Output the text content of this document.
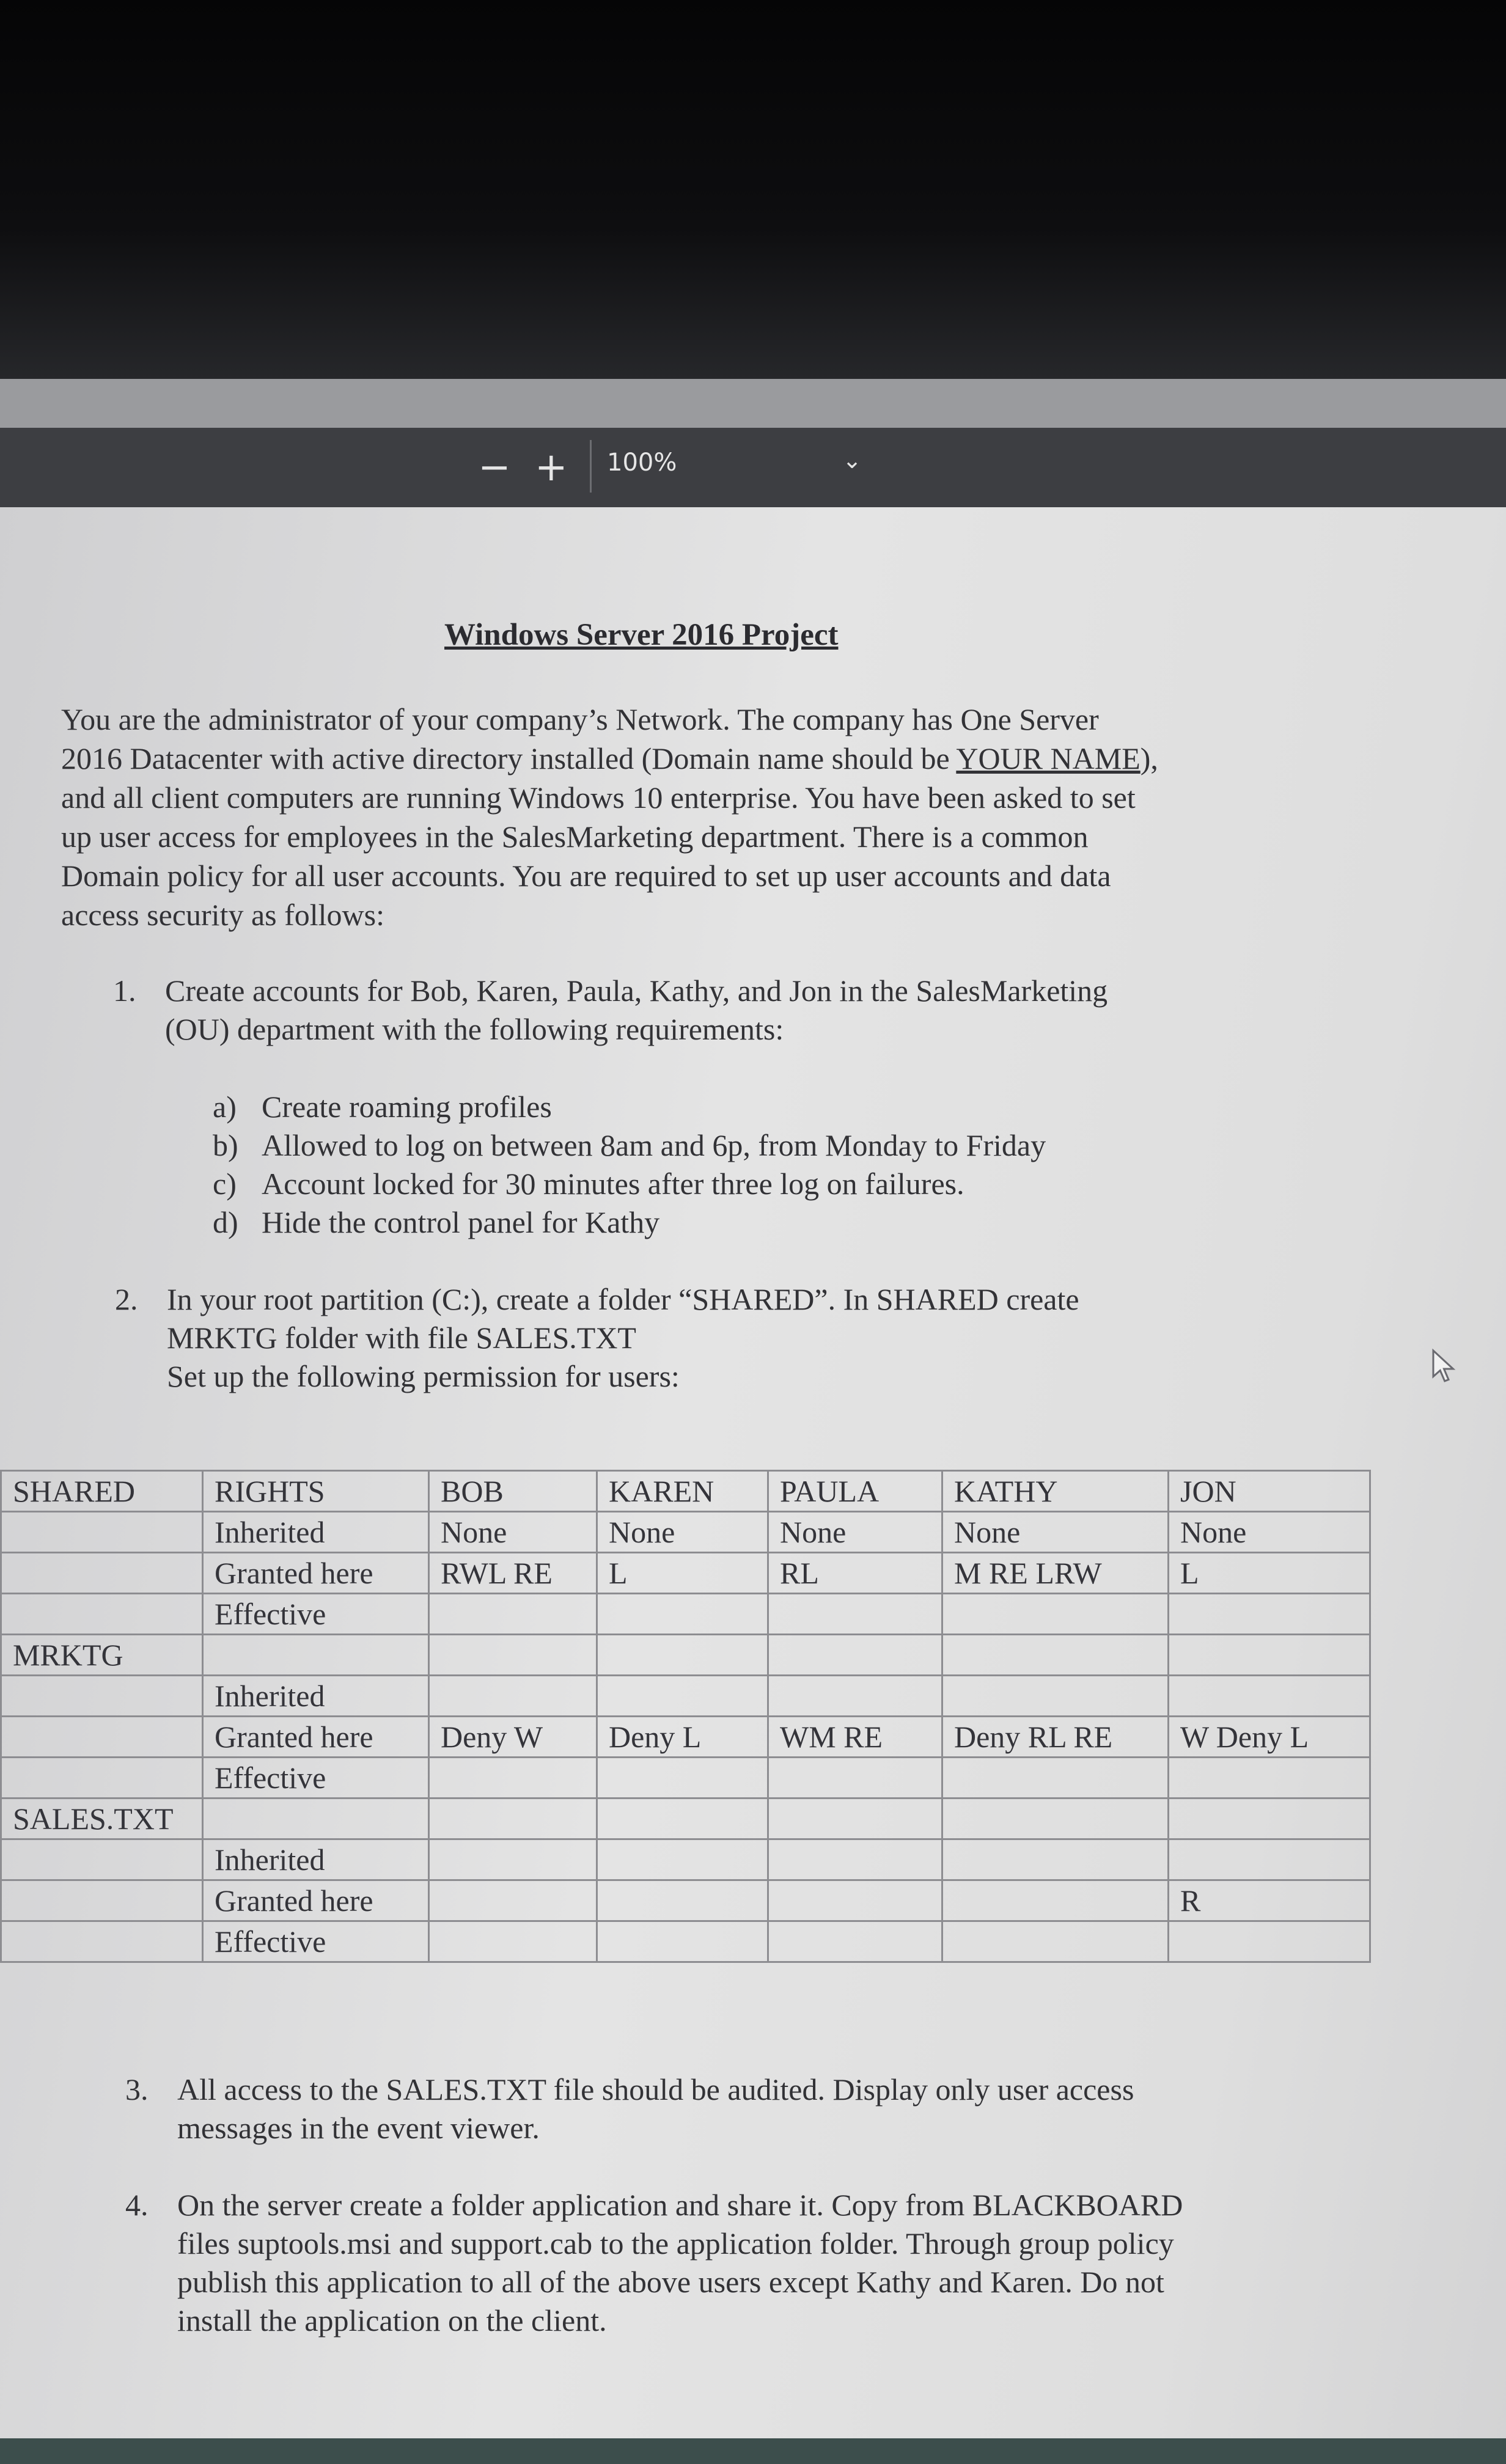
− + 100%	⌄
Windows Server 2016 Project
You are the administrator of your company’s Network. The company has One Server
2016 Datacenter with active directory installed (Domain name should be YOUR NAME),
and all client computers are running Windows 10 enterprise. You have been asked to set
up user access for employees in the SalesMarketing department. There is a common
Domain policy for all user accounts. You are required to set up user accounts and data
access security as follows:
1. Create accounts for Bob, Karen, Paula, Kathy, and Jon in the SalesMarketing
(OU) department with the following requirements:
a) Create roaming profiles
b) Allowed to log on between 8am and 6p, from Monday to Friday
c) Account locked for 30 minutes after three log on failures.
d) Hide the control panel for Kathy
2. In your root partition (C:), create a folder “SHARED”. In SHARED create
MRKTG folder with file SALES.TXT
Set up the following permission for users:
SHARED	RIGHTS	BOB	KAREN	PAULA	KATHY	JON
	Inherited	None	None	None	None	None
	Granted here	RWL RE	L	RL	M RE LRW	L
	Effective					
MRKTG						
	Inherited					
	Granted here	Deny W	Deny L	WM RE	Deny RL RE	W Deny L
	Effective					
SALES.TXT						
	Inherited					
	Granted here					R
	Effective					
3. All access to the SALES.TXT file should be audited. Display only user access
messages in the event viewer.
4. On the server create a folder application and share it. Copy from BLACKBOARD
files suptools.msi and support.cab to the application folder. Through group policy
publish this application to all of the above users except Kathy and Karen. Do not
install the application on the client.
